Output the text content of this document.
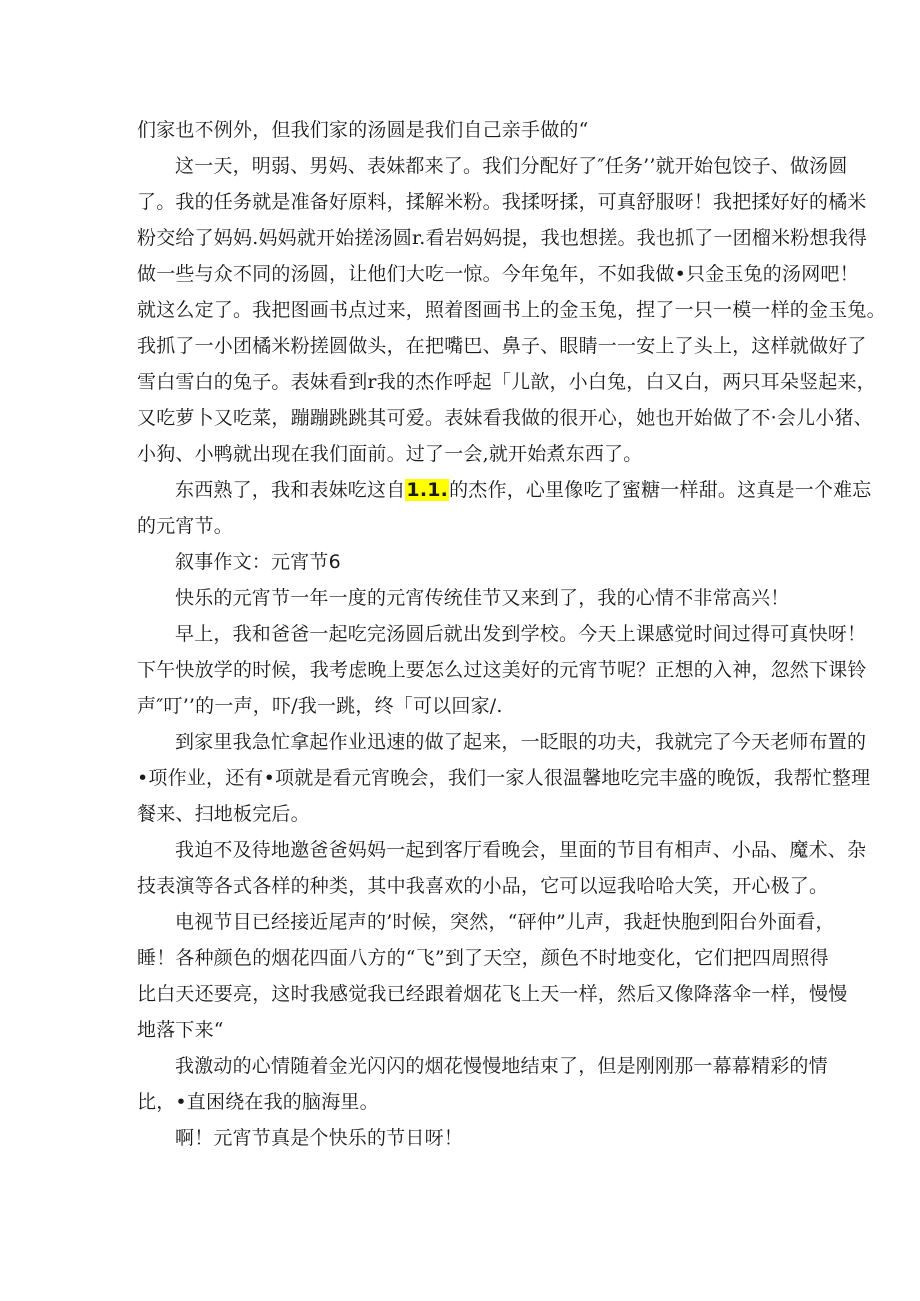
们家也不例外，但我们家的汤圆是我们自己亲手做的“
这一天，明弱、男妈、表妹都来了。我们分配好了″任务’’就开始包饺子、做汤圆
了。我的任务就是准备好原料，揉解米粉。我揉呀揉，可真舒服呀！我把揉好好的橘米
粉交给了妈妈.妈妈就开始搓汤圆r.看岩妈妈提，我也想搓。我也抓了一团榴米粉想我得
做一些与众不同的汤圆，让他们大吃一惊。今年兔年，不如我做•只金玉兔的汤网吧！
就这么定了。我把图画书点过来，照着图画书上的金玉兔，捏了一只一模一样的金玉兔。
我抓了一小团橘米粉搓圆做头，在把嘴巴、鼻子、眼睛一一安上了头上，这样就做好了
雪白雪白的兔子。表妹看到r我的杰作呼起「儿歆，小白兔，白又白，两只耳朵竖起来，
又吃萝卜又吃菜，蹦蹦跳跳其可爱。表妹看我做的很开心，她也开始做了不·会儿小猪、
小狗、小鸭就出现在我们面前。过了一会,就开始煮东西了。
东西熟了，我和表妹吃这自1.1.的杰作，心里像吃了蜜糖一样甜。这真是一个难忘
的元宵节。
叙事作文：元宵节6
快乐的元宵节一年一度的元宵传统佳节又来到了，我的心情不非常高兴！
早上，我和爸爸一起吃完汤圆后就出发到学校。今天上课感觉时间过得可真快呀！
下午快放学的时候，我考虑晚上要怎么过这美好的元宵节呢？正想的入神，忽然下课铃
声″叮’’的一声，吓/我一跳，终「可以回家/.
到家里我急忙拿起作业迅速的做了起来，一眨眼的功夫，我就完了今天老师布置的
•项作业，还有•项就是看元宵晚会，我们一家人很温馨地吃完丰盛的晚饭，我帮忙整理
餐来、扫地板完后。
我迫不及待地邀爸爸妈妈一起到客厅看晚会，里面的节目有相声、小品、魔术、杂
技表演等各式各样的种类，其中我喜欢的小品，它可以逗我哈哈大笑，开心极了。
电视节目已经接近尾声的’时候，突然，“砰仲”儿声，我赶快胞到阳台外面看，
睡！各种颜色的烟花四面八方的“飞”到了天空，颜色不时地变化，它们把四周照得
比白天还要亮，这时我感觉我已经跟着烟花飞上天一样，然后又像降落伞一样，慢慢
地落下来“
我激动的心情随着金光闪闪的烟花慢慢地结束了，但是刚刚那一幕幕精彩的情
比，•直困绕在我的脑海里。
啊！元宵节真是个快乐的节日呀！
